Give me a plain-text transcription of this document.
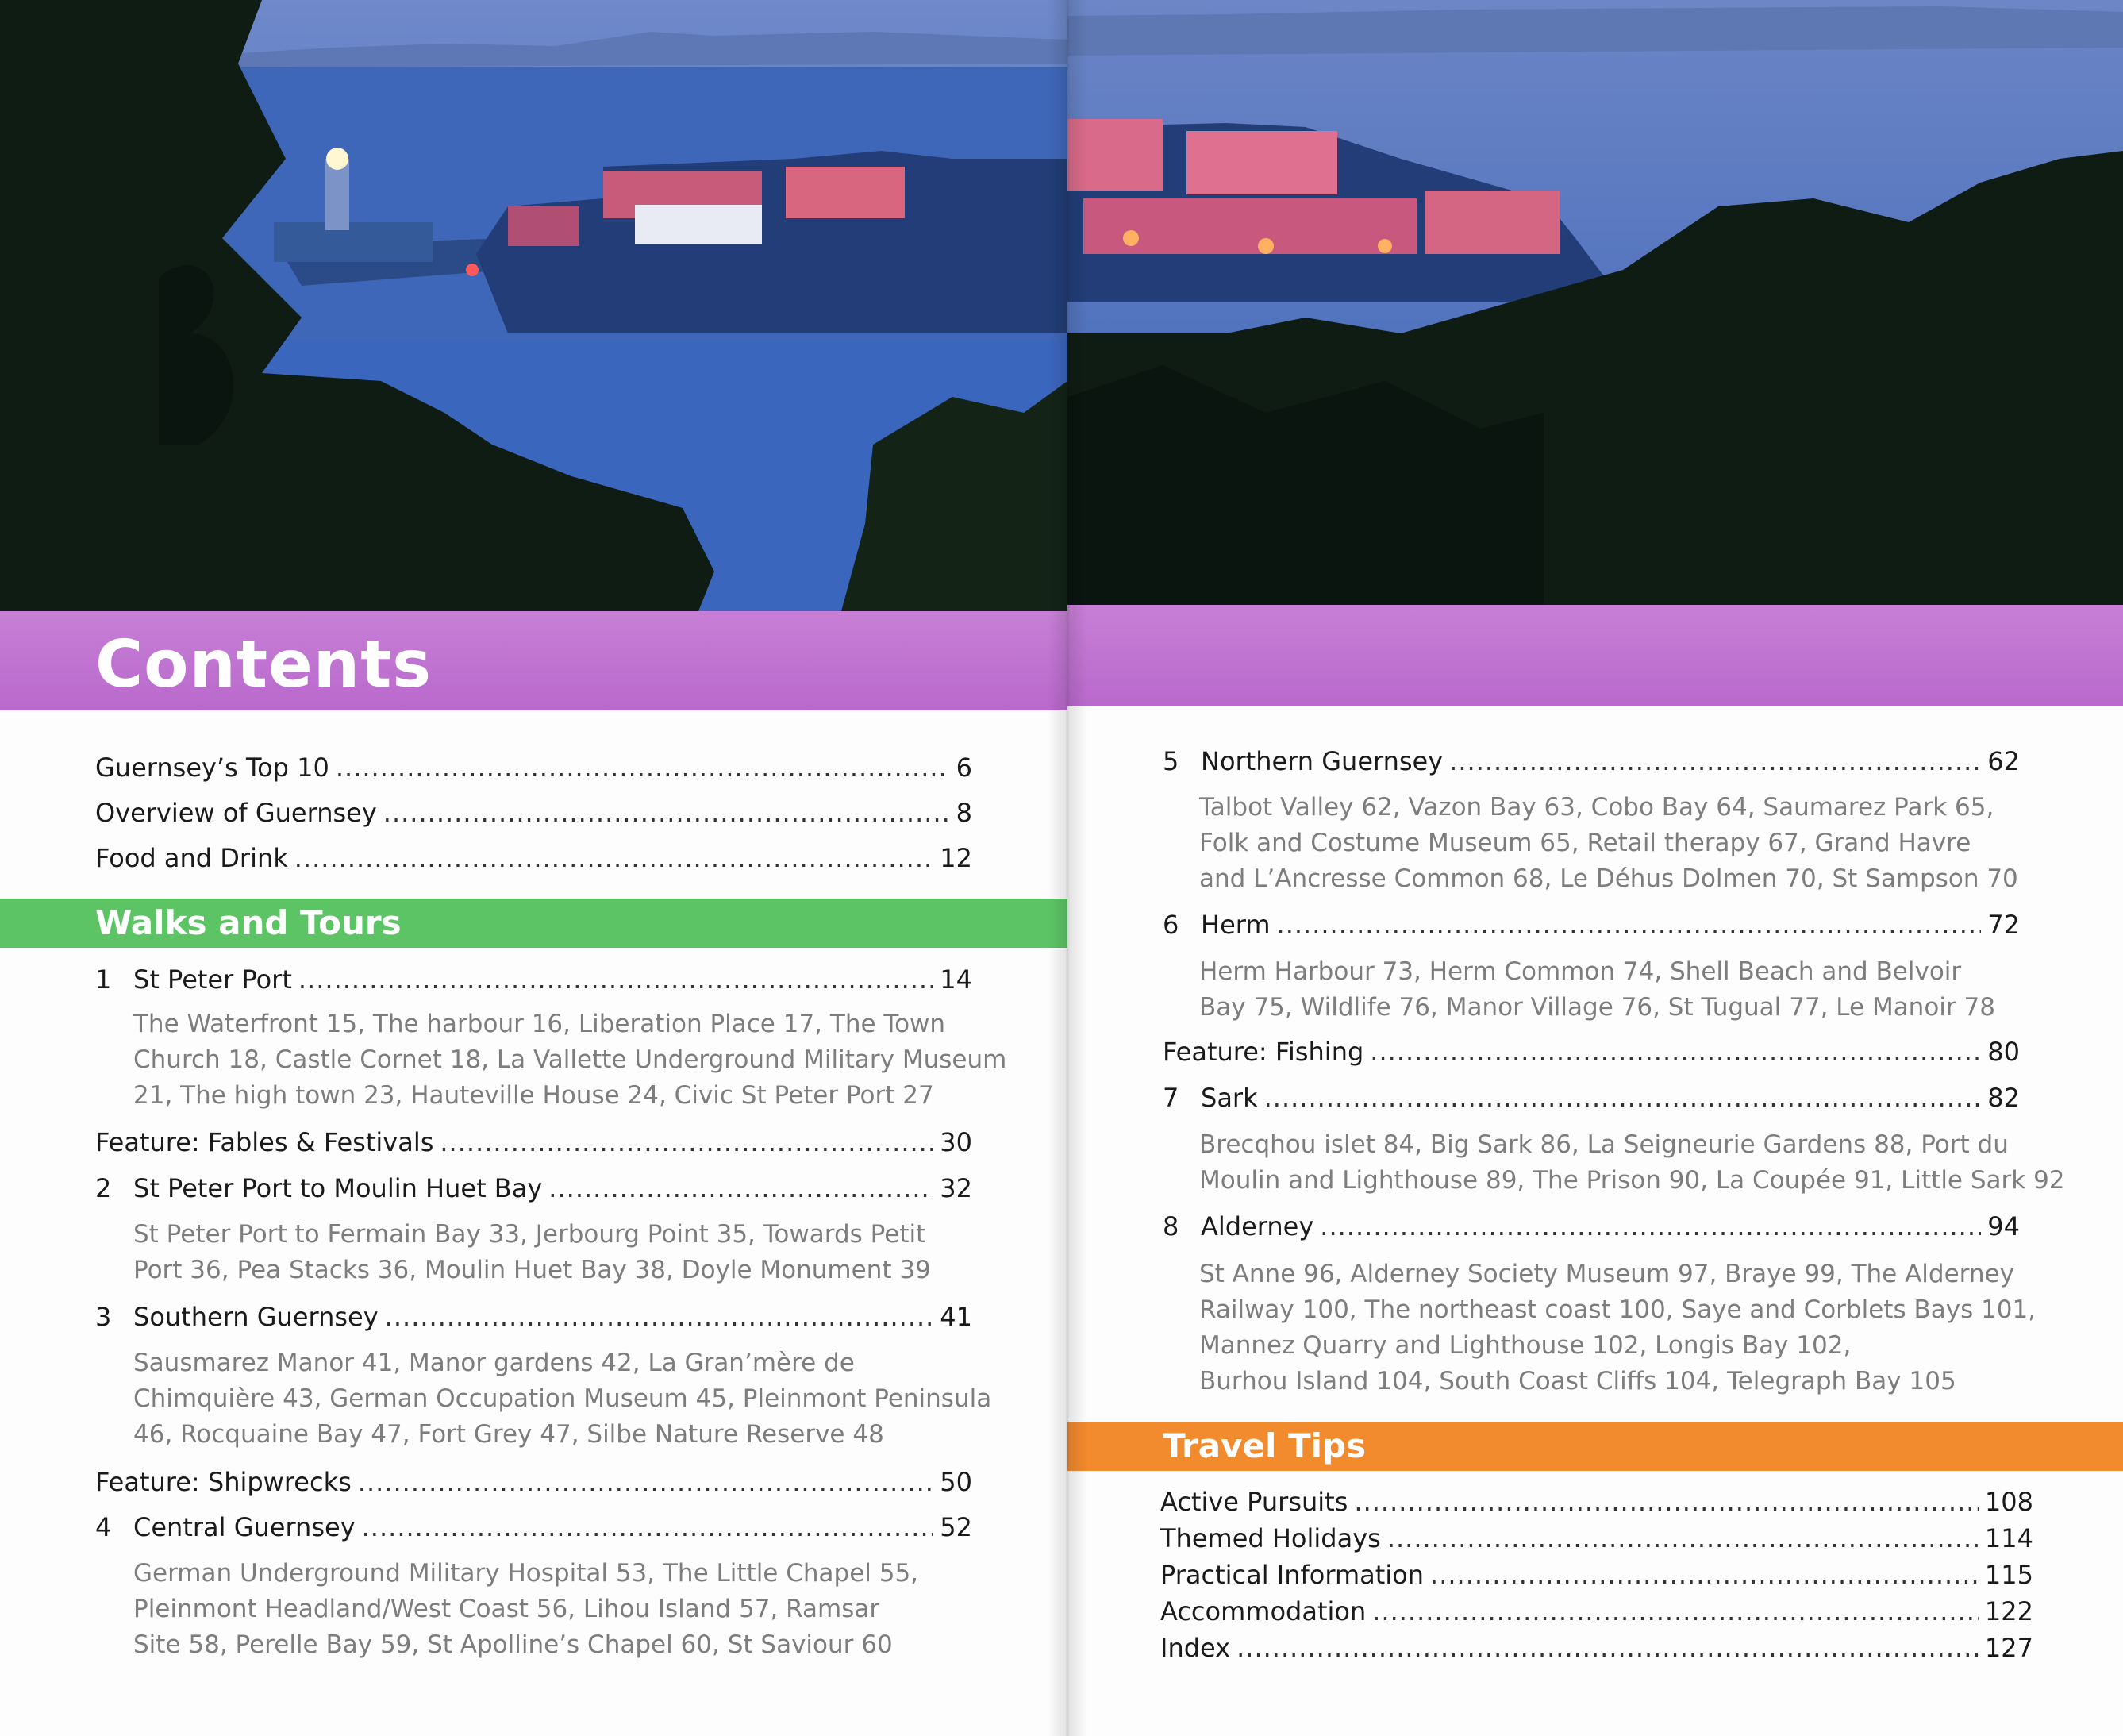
Contents
Guernsey’s Top 10 .....	6
Overview of Guernsey .....	8
Food and Drink .....	12
Walks and Tours
1 St Peter Port .....	14
The Waterfront 15, The harbour 16, Liberation Place 17, The Town
Church 18, Castle Cornet 18, La Vallette Underground Military Museum
21, The high town 23, Hauteville House 24, Civic St Peter Port 27
Feature: Fables & Festivals .....	30
2 St Peter Port to Moulin Huet Bay .....	32
St Peter Port to Fermain Bay 33, Jerbourg Point 35, Towards Petit
Port 36, Pea Stacks 36, Moulin Huet Bay 38, Doyle Monument 39
3 Southern Guernsey .....	41
Sausmarez Manor 41, Manor gardens 42, La Gran’mère de
Chimquière 43, German Occupation Museum 45, Pleinmont Peninsula
46, Rocquaine Bay 47, Fort Grey 47, Silbe Nature Reserve 48
Feature: Shipwrecks .....	50
4 Central Guernsey .....	52
German Underground Military Hospital 53, The Little Chapel 55,
Pleinmont Headland/West Coast 56, Lihou Island 57, Ramsar
Site 58, Perelle Bay 59, St Apolline’s Chapel 60, St Saviour 60
5 Northern Guernsey .....	62
Talbot Valley 62, Vazon Bay 63, Cobo Bay 64, Saumarez Park 65,
Folk and Costume Museum 65, Retail therapy 67, Grand Havre
and L’Ancresse Common 68, Le Déhus Dolmen 70, St Sampson 70
6 Herm .....	72
Herm Harbour 73, Herm Common 74, Shell Beach and Belvoir
Bay 75, Wildlife 76, Manor Village 76, St Tugual 77, Le Manoir 78
Feature: Fishing .....	80
7 Sark .....	82
Brecqhou islet 84, Big Sark 86, La Seigneurie Gardens 88, Port du
Moulin and Lighthouse 89, The Prison 90, La Coupée 91, Little Sark 92
8 Alderney .....	94
St Anne 96, Alderney Society Museum 97, Braye 99, The Alderney
Railway 100, The northeast coast 100, Saye and Corblets Bays 101,
Mannez Quarry and Lighthouse 102, Longis Bay 102,
Burhou Island 104, South Coast Cliffs 104, Telegraph Bay 105
Travel Tips
Active Pursuits .....	108
Themed Holidays .....	114
Practical Information .....	115
Accommodation .....	122
Index .....	127
